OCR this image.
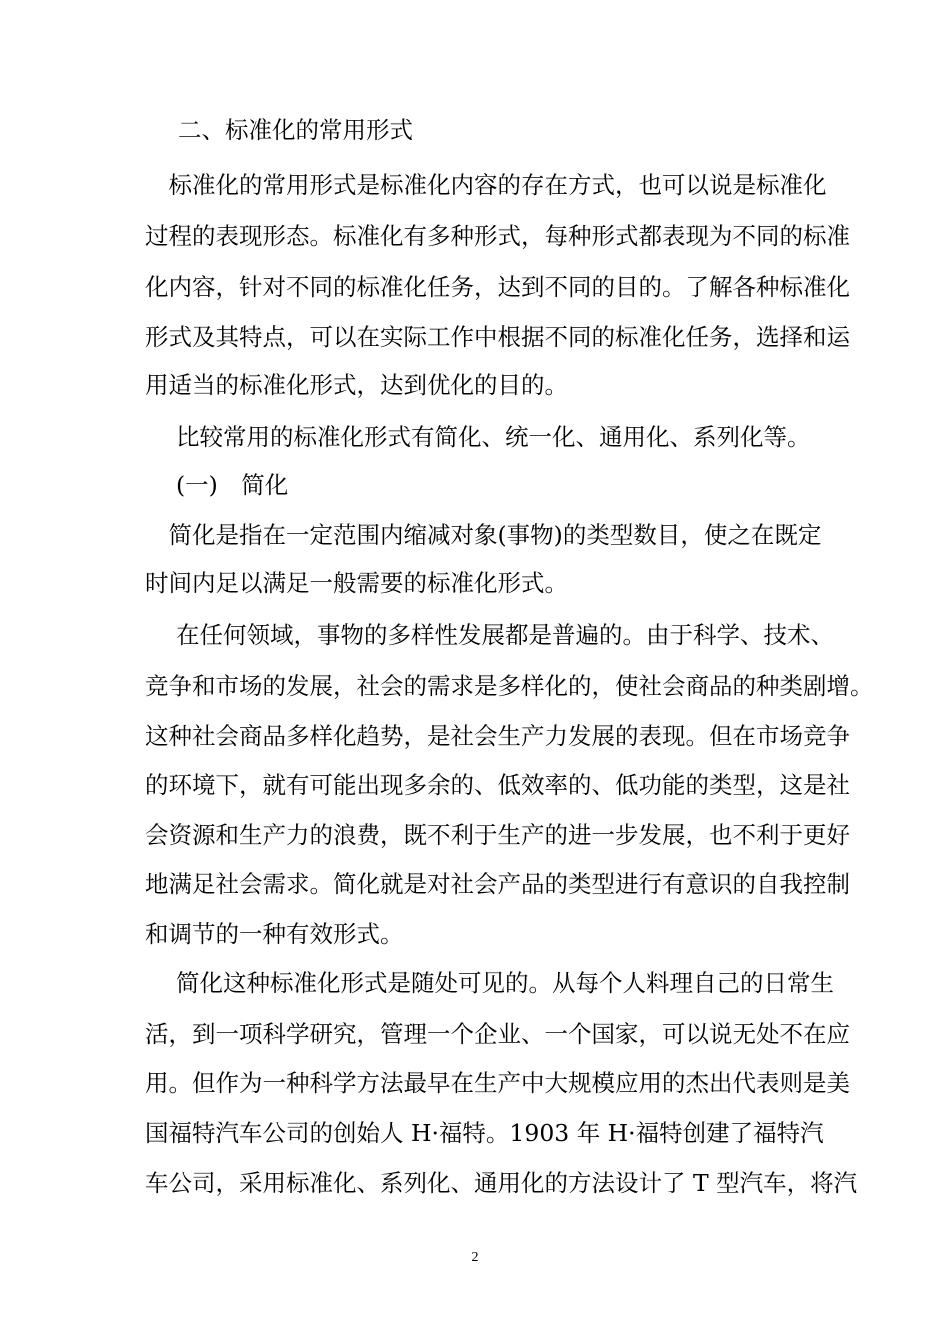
二、标准化的常用形式
　标准化的常用形式是标准化内容的存在方式，也可以说是标准化
过程的表现形态。标准化有多种形式，每种形式都表现为不同的标准
化内容，针对不同的标准化任务，达到不同的目的。了解各种标准化
形式及其特点，可以在实际工作中根据不同的标准化任务，选择和运
用适当的标准化形式，达到优化的目的。
　 比较常用的标准化形式有简化、统一化、通用化、系列化等。
　 (一)　简化
　简化是指在一定范围内缩减对象(事物)的类型数目，使之在既定
时间内足以满足一般需要的标准化形式。
　 在任何领域，事物的多样性发展都是普遍的。由于科学、技术、
竞争和市场的发展，社会的需求是多样化的，使社会商品的种类剧增。
这种社会商品多样化趋势，是社会生产力发展的表现。但在市场竞争
的环境下，就有可能出现多余的、低效率的、低功能的类型，这是社
会资源和生产力的浪费，既不利于生产的进一步发展，也不利于更好
地满足社会需求。简化就是对社会产品的类型进行有意识的自我控制
和调节的一种有效形式。
　 简化这种标准化形式是随处可见的。从每个人料理自己的日常生
活，到一项科学研究，管理一个企业、一个国家，可以说无处不在应
用。但作为一种科学方法最早在生产中大规模应用的杰出代表则是美
国福特汽车公司的创始人 H·福特。1903 年 H·福特创建了福特汽
车公司，采用标准化、系列化、通用化的方法设计了 T 型汽车，将汽
2
